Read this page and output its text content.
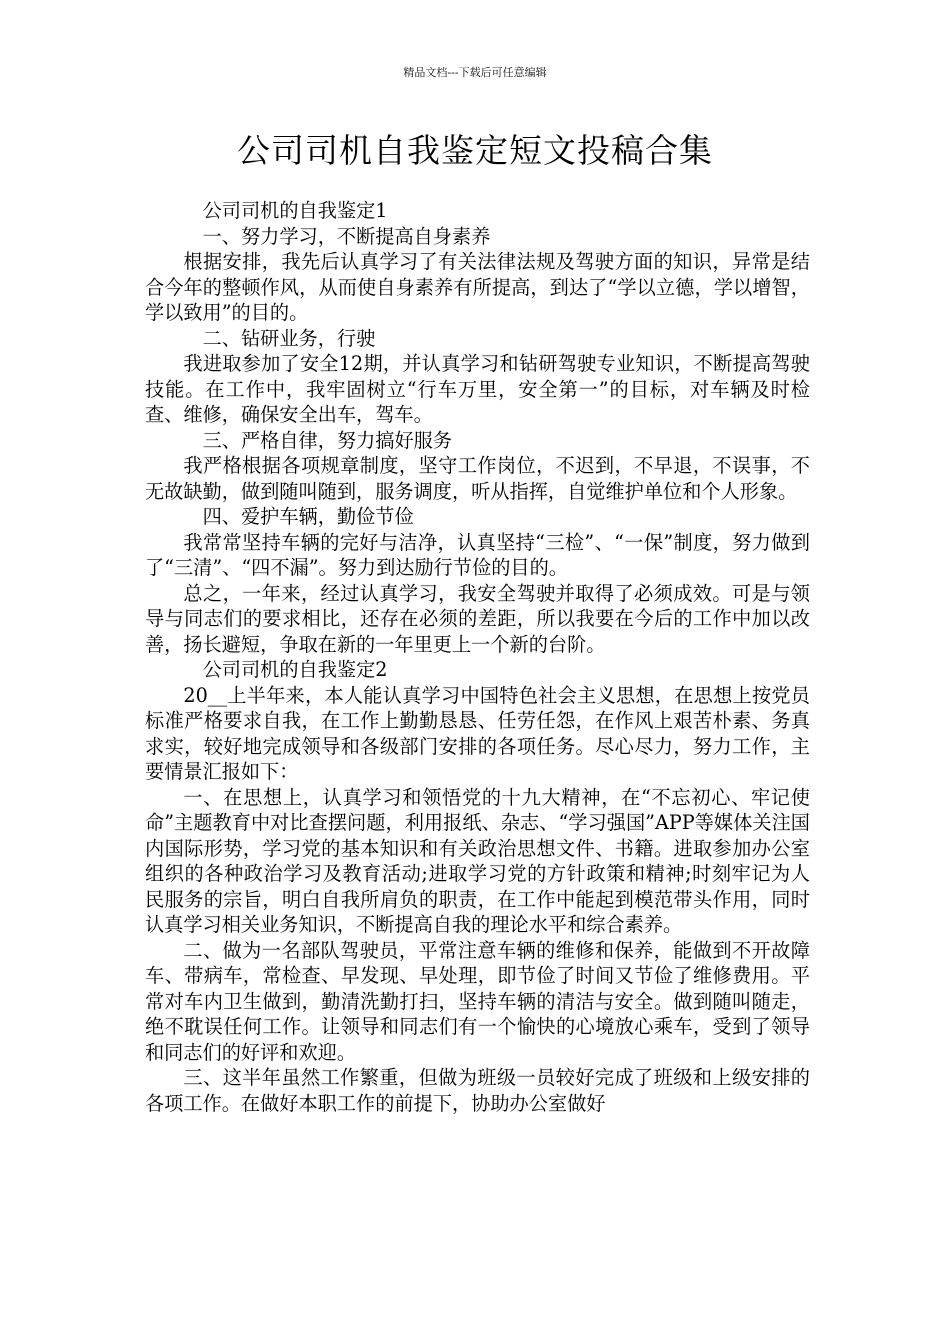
精品文档---下载后可任意编辑
公司司机自我鉴定短文投稿合集

公司司机的自我鉴定1

一、努力学习，不断提高自身素养

根据安排，我先后认真学习了有关法律法规及驾驶方面的知识，异常是结合今年的整顿作风，从而使自身素养有所提高，到达了“学以立德，学以增智，学以致用”的目的。

二、钻研业务，行驶

我进取参加了安全12期，并认真学习和钻研驾驶专业知识，不断提高驾驶技能。在工作中，我牢固树立“行车万里，安全第一”的目标，对车辆及时检查、维修，确保安全出车，驾车。

三、严格自律，努力搞好服务

我严格根据各项规章制度，坚守工作岗位，不迟到，不早退，不误事，不无故缺勤，做到随叫随到，服务调度，听从指挥，自觉维护单位和个人形象。

四、爱护车辆，勤俭节俭

我常常坚持车辆的完好与洁净，认真坚持“三检”、“一保”制度，努力做到了“三清”、“四不漏”。努力到达励行节俭的目的。

总之，一年来，经过认真学习，我安全驾驶并取得了必须成效。可是与领导与同志们的要求相比，还存在必须的差距，所以我要在今后的工作中加以改善，扬长避短，争取在新的一年里更上一个新的台阶。

公司司机的自我鉴定2

20__上半年来，本人能认真学习中国特色社会主义思想，在思想上按党员标准严格要求自我，在工作上勤勤恳恳、任劳任怨，在作风上艰苦朴素、务真求实，较好地完成领导和各级部门安排的各项任务。尽心尽力，努力工作，主要情景汇报如下：

一、在思想上，认真学习和领悟党的十九大精神，在“不忘初心、牢记使命”主题教育中对比查摆问题，利用报纸、杂志、“学习强国”APP等媒体关注国内国际形势，学习党的基本知识和有关政治思想文件、书籍。进取参加办公室组织的各种政治学习及教育活动;进取学习党的方针政策和精神;时刻牢记为人民服务的宗旨，明白自我所肩负的职责，在工作中能起到模范带头作用，同时认真学习相关业务知识，不断提高自我的理论水平和综合素养。

二、做为一名部队驾驶员，平常注意车辆的维修和保养，能做到不开故障车、带病车，常检查、早发现、早处理，即节俭了时间又节俭了维修费用。平常对车内卫生做到，勤清洗勤打扫，坚持车辆的清洁与安全。做到随叫随走，绝不耽误任何工作。让领导和同志们有一个愉快的心境放心乘车，受到了领导和同志们的好评和欢迎。

三、这半年虽然工作繁重，但做为班级一员较好完成了班级和上级安排的各项工作。在做好本职工作的前提下，协助办公室做好
